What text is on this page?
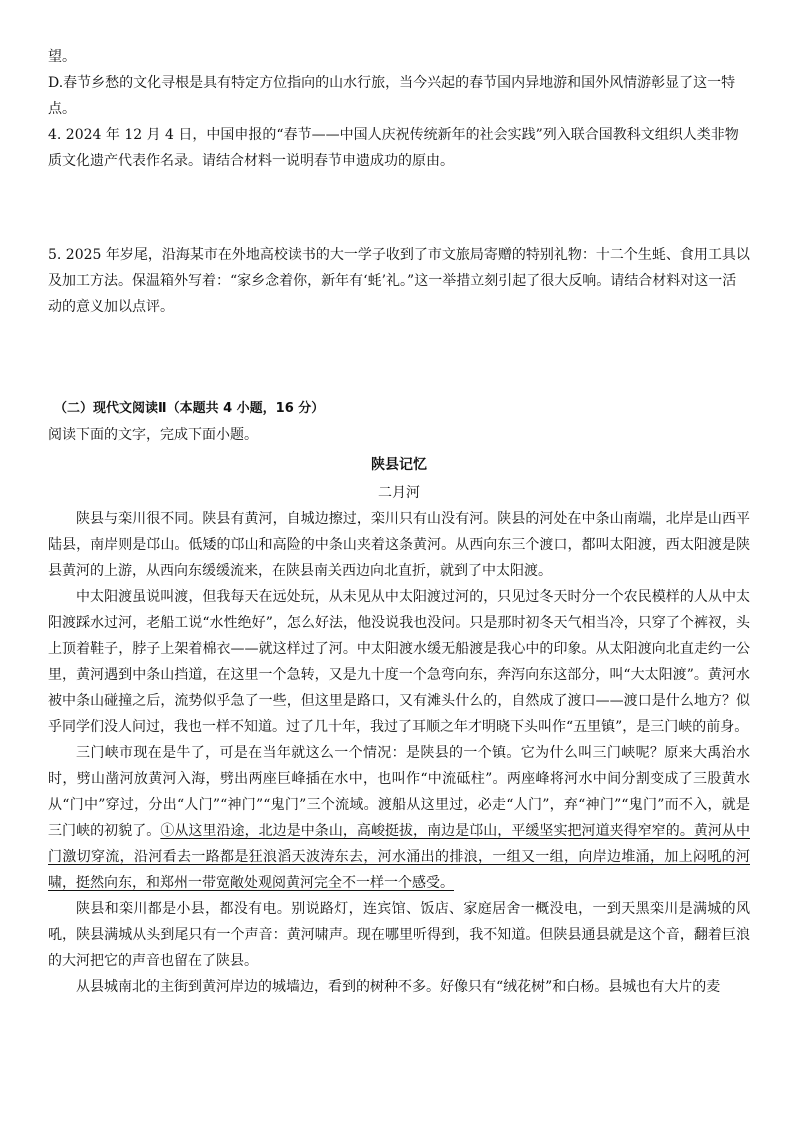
望。

D.春节乡愁的文化寻根是具有特定方位指向的山水行旅，当今兴起的春节国内异地游和国外风情游彰显了这一特点。

4. 2024 年 12 月 4 日，中国申报的“春节——中国人庆祝传统新年的社会实践”列入联合国教科文组织人类非物质文化遗产代表作名录。请结合材料一说明春节申遗成功的原由。

5. 2025 年岁尾，沿海某市在外地高校读书的大一学子收到了市文旅局寄赠的特别礼物：十二个生蚝、食用工具以及加工方法。保温箱外写着：“家乡念着你，新年有‘蚝’礼。”这一举措立刻引起了很大反响。请结合材料对这一活动的意义加以点评。

（二）现代文阅读Ⅱ（本题共 4 小题，16 分）

阅读下面的文字，完成下面小题。

陕县记忆

二月河

陕县与栾川很不同。陕县有黄河，自城边擦过，栾川只有山没有河。陕县的河处在中条山南端，北岸是山西平陆县，南岸则是邙山。低矮的邙山和高险的中条山夹着这条黄河。从西向东三个渡口，都叫太阳渡，西太阳渡是陕县黄河的上游，从西向东缓缓流来，在陕县南关西边向北直折，就到了中太阳渡。

中太阳渡虽说叫渡，但我每天在远处玩，从未见从中太阳渡过河的，只见过冬天时分一个农民模样的人从中太阳渡踩水过河，老船工说“水性绝好”，怎么好法，他没说我也没问。只是那时初冬天气相当冷，只穿了个裤衩，头上顶着鞋子，脖子上架着棉衣——就这样过了河。中太阳渡水缓无船渡是我心中的印象。从太阳渡向北直走约一公里，黄河遇到中条山挡道，在这里一个急转，又是九十度一个急弯向东，奔泻向东这部分，叫“大太阳渡”。黄河水被中条山碰撞之后，流势似乎急了一些，但这里是路口，又有滩头什么的，自然成了渡口——渡口是什么地方？似乎同学们没人问过，我也一样不知道。过了几十年，我过了耳顺之年才明晓下头叫作“五里镇”，是三门峡的前身。

三门峡市现在是牛了，可是在当年就这么一个情况：是陕县的一个镇。它为什么叫三门峡呢？原来大禹治水时，劈山凿河放黄河入海，劈出两座巨峰插在水中，也叫作“中流砥柱”。两座峰将河水中间分割变成了三股黄水从“门中”穿过，分出“人门”“神门”“鬼门”三个流域。渡船从这里过，必走“人门”，弃“神门”“鬼门”而不入，就是三门峡的初貌了。①从这里沿途，北边是中条山，高峻挺拔，南边是邙山，平缓坚实把河道夹得窄窄的。黄河从中门激切穿流，沿河看去一路都是狂浪滔天波涛东去，河水涌出的排浪，一组又一组，向岸边堆涌，加上闷吼的河啸，挺然向东，和郑州一带宽敞处观阅黄河完全不一样一个感受。

陕县和栾川都是小县，都没有电。别说路灯，连宾馆、饭店、家庭居舍一概没电，一到天黑栾川是满城的风吼，陕县满城从头到尾只有一个声音：黄河啸声。现在哪里听得到，我不知道。但陕县通县就是这个音，翻着巨浪的大河把它的声音也留在了陕县。

从县城南北的主街到黄河岸边的城墙边，看到的树种不多。好像只有“绒花树”和白杨。县城也有大片的麦
